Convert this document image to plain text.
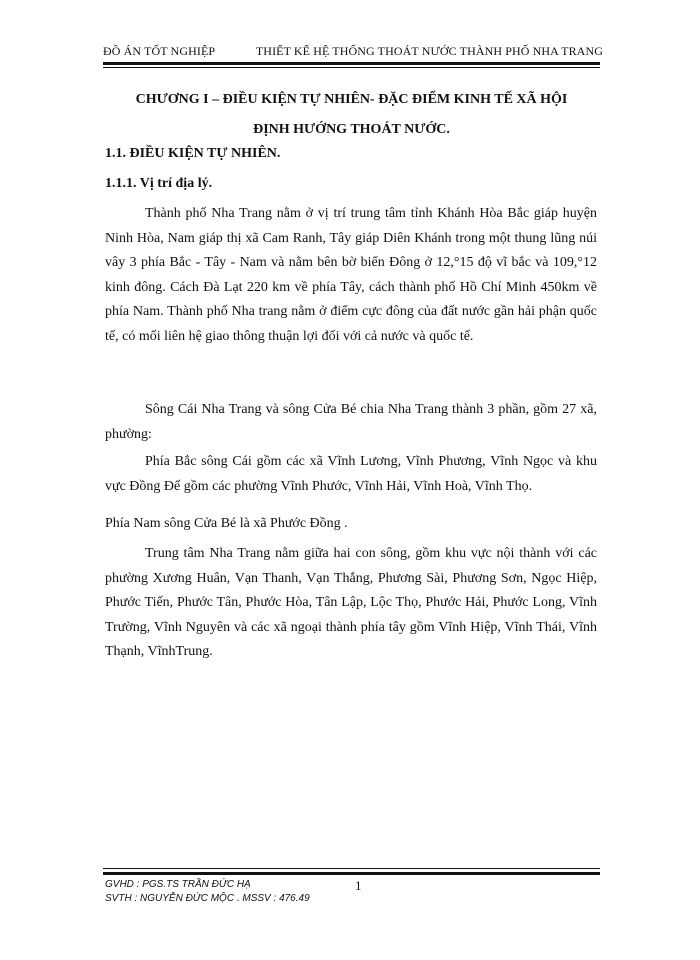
ĐỒ ÁN TỐT NGHIỆP	THIẾT KẾ HỆ THỐNG THOÁT NƯỚC THÀNH PHỐ NHA TRANG
CHƯƠNG I – ĐIỀU KIỆN TỰ NHIÊN- ĐẶC ĐIỂM KINH TẾ XÃ HỘI
ĐỊNH HƯỚNG THOÁT NƯỚC.
1.1. ĐIỀU KIỆN TỰ NHIÊN.
1.1.1. Vị trí địa lý.
Thành phố Nha Trang nằm ở vị trí trung tâm tỉnh Khánh Hòa Bắc giáp huyện Ninh Hòa, Nam giáp thị xã Cam Ranh, Tây giáp Diên Khánh trong một thung lũng núi vây 3 phía Bắc - Tây - Nam và nằm bên bờ biển Đông ở 12,°15 độ vĩ bắc và 109,°12 kinh đông. Cách Đà Lạt 220 km về phía Tây, cách thành phố Hồ Chí Minh 450km về phía Nam. Thành phố Nha trang nằm ở điểm cực đông của đất nước gần hải phận quốc tế, có mối liên hệ giao thông thuận lợi đối với cả nước và quốc tế.
Sông Cái Nha Trang và sông Cửa Bé chia Nha Trang thành 3 phần, gồm 27 xã, phường:
Phía Bắc sông Cái gồm các xã Vĩnh Lương, Vĩnh Phương, Vĩnh Ngọc và khu vực Đồng Đế gồm các phường Vĩnh Phước, Vĩnh Hải, Vĩnh Hoà, Vĩnh Thọ.
Phía Nam sông Cửa Bé là xã Phước Đồng .
Trung tâm Nha Trang nằm giữa hai con sông, gồm khu vực nội thành với các phường Xương Huân, Vạn Thanh, Vạn Thắng, Phương Sài, Phương Sơn, Ngọc Hiệp, Phước Tiến, Phước Tân, Phước Hòa, Tân Lập, Lộc Thọ, Phước Hải, Phước Long, Vĩnh Trường, Vĩnh Nguyên và các xã ngoại thành phía tây gồm Vĩnh Hiệp, Vĩnh Thái, Vĩnh Thạnh, VĩnhTrung.
GVHD : PGS.TS TRẦN ĐỨC HẠ
SVTH : NGUYỄN ĐỨC MỘC . MSSV : 476.49
1
